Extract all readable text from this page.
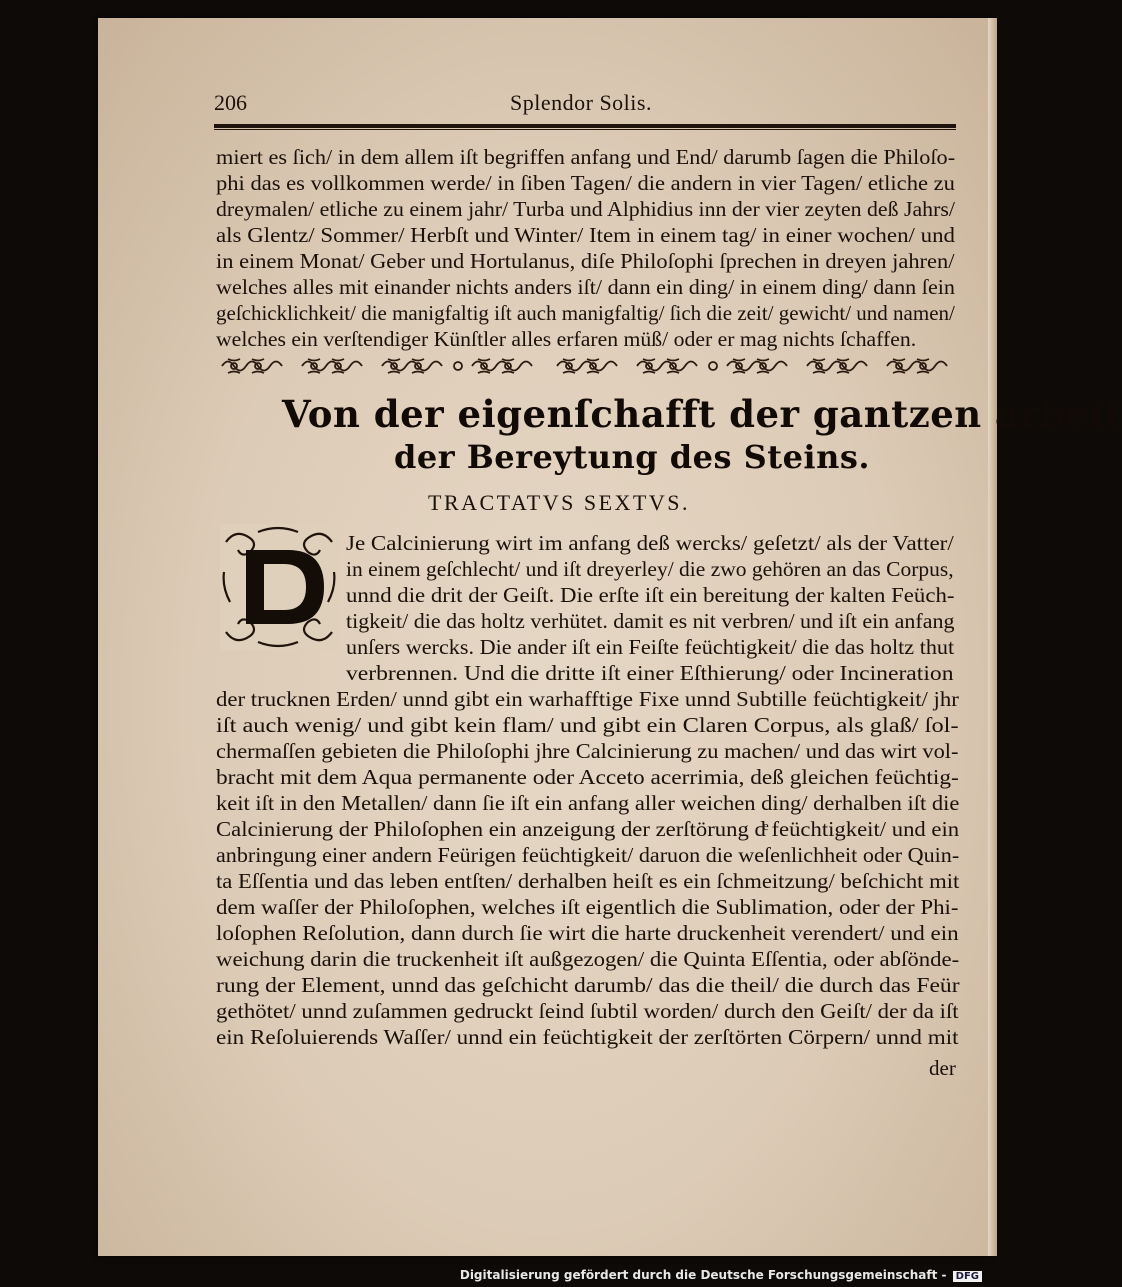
206	Splendor Solis.
miert es ſich/ in dem allem iſt begriffen anfang und End/ darumb ſagen die Philoſo-
phi das es vollkommen werde/ in ſiben Tagen/ die andern in vier Tagen/ etliche zu
dreymalen/ etliche zu einem jahr/ Turba und Alphidius inn der vier zeyten deß Jahrs/
als Glentz/ Sommer/ Herbſt und Winter/ Item in einem tag/ in einer wochen/ und
in einem Monat/ Geber und Hortulanus, diſe Philoſophi ſprechen in dreyen jahren/
welches alles mit einander nichts anders iſt/ dann ein ding/ in einem ding/ dann ſein
geſchicklichkeit/ die manigfaltig iſt auch manigfaltig/ ſich die zeit/ gewicht/ und namen/
welches ein verſtendiger Künſtler alles erfaren müß/ oder er mag nichts ſchaffen.
Von der eigenſchafft der gantzen arbeit
der Bereytung des Steins.
TRACTATVS SEXTVS.
D
Je Calcinierung wirt im anfang deß wercks/ geſetzt/ als der Vatter/
in einem geſchlecht/ und iſt dreyerley/ die zwo gehören an das Corpus,
unnd die drit der Geiſt. Die erſte iſt ein bereitung der kalten Feüch-
tigkeit/ die das holtz verhütet. damit es nit verbren/ und iſt ein anfang
unſers wercks. Die ander iſt ein Feiſte feüchtigkeit/ die das holtz thut
verbrennen. Und die dritte iſt einer Eſthierung/ oder Incineration
der trucknen Erden/ unnd gibt ein warhafftige Fixe unnd Subtille feüchtigkeit/ jhr
iſt auch wenig/ und gibt kein flam/ und gibt ein Claren Corpus, als glaß/ ſol-
chermaſſen gebieten die Philoſophi jhre Calcinierung zu machen/ und das wirt vol-
bracht mit dem Aqua permanente oder Acceto acerrimia, deß gleichen feüchtig-
keit iſt in den Metallen/ dann ſie iſt ein anfang aller weichen ding/ derhalben iſt die
Calcinierung der Philoſophen ein anzeigung der zerſtörung dͤ feüchtigkeit/ und ein
anbringung einer andern Feürigen feüchtigkeit/ daruon die weſenlichheit oder Quin-
ta Eſſentia und das leben entſten/ derhalben heiſt es ein ſchmeitzung/ beſchicht mit
dem waſſer der Philoſophen, welches iſt eigentlich die Sublimation, oder der Phi-
loſophen Reſolution, dann durch ſie wirt die harte druckenheit verendert/ und ein
weichung darin die truckenheit iſt außgezogen/ die Quinta Eſſentia, oder abſönde-
rung der Element, unnd das geſchicht darumb/ das die theil/ die durch das Feür
gethötet/ unnd zuſammen gedruckt ſeind ſubtil worden/ durch den Geiſt/ der da iſt
ein Reſoluierends Waſſer/ unnd ein feüchtigkeit der zerſtörten Cörpern/ unnd mit
der
Digitalisierung gefördert durch die Deutsche Forschungsgemeinschaft - DFG
